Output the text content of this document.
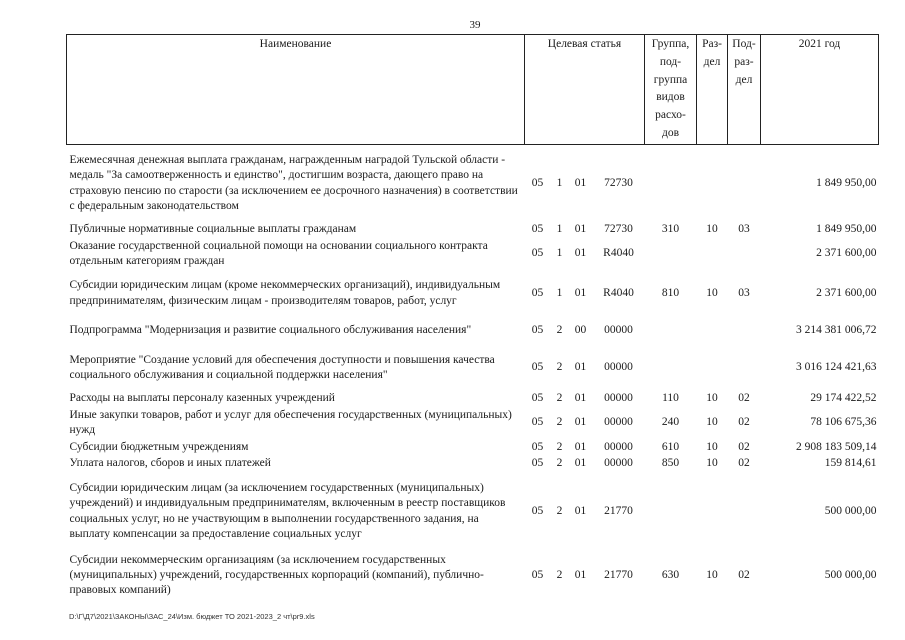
39
Наименование	Целевая статья				Группа, под-группа видов расхо-дов	Раз-дел	Под-раз-дел	2021 год
Ежемесячная денежная выплата гражданам, награжденным наградой Тульской области - медаль "За самоотверженность и единство", достигшим возраста, дающего право на страховую пенсию по старости (за исключением ее досрочного назначения) в соответствии с федеральным законодательством	05	1	01	72730				1 849 950,00
Публичные нормативные социальные выплаты гражданам	05	1	01	72730	310	10	03	1 849 950,00
Оказание государственной социальной помощи на основании социального контракта отдельным категориям граждан	05	1	01	R4040				2 371 600,00
Субсидии юридическим лицам (кроме некоммерческих организаций), индивидуальным предпринимателям, физическим лицам - производителям товаров, работ, услуг	05	1	01	R4040	810	10	03	2 371 600,00
Подпрограмма "Модернизация и развитие социального обслуживания населения"	05	2	00	00000				3 214 381 006,72
Мероприятие "Создание условий для обеспечения доступности и повышения качества социального обслуживания и социальной поддержки населения"	05	2	01	00000				3 016 124 421,63
Расходы на выплаты персоналу казенных учреждений	05	2	01	00000	110	10	02	29 174 422,52
Иные закупки товаров, работ и услуг для обеспечения государственных (муниципальных) нужд	05	2	01	00000	240	10	02	78 106 675,36
Субсидии бюджетным учреждениям	05	2	01	00000	610	10	02	2 908 183 509,14
Уплата налогов, сборов и иных платежей	05	2	01	00000	850	10	02	159 814,61
Субсидии юридическим лицам (за исключением государственных (муниципальных) учреждений) и индивидуальным предпринимателям, включенным в реестр поставщиков социальных услуг, но не участвующим в выполнении государственного задания, на выплату компенсации за предоставление социальных услуг	05	2	01	21770				500 000,00
Субсидии некоммерческим организациям (за исключением государственных (муниципальных) учреждений, государственных корпораций (компаний), публично-правовых компаний)	05	2	01	21770	630	10	02	500 000,00
D:\Г\Д7\2021\ЗАКОНЫ\ЗАС_24\Изм. бюджет ТО 2021-2023_2 чт\pr9.xls
